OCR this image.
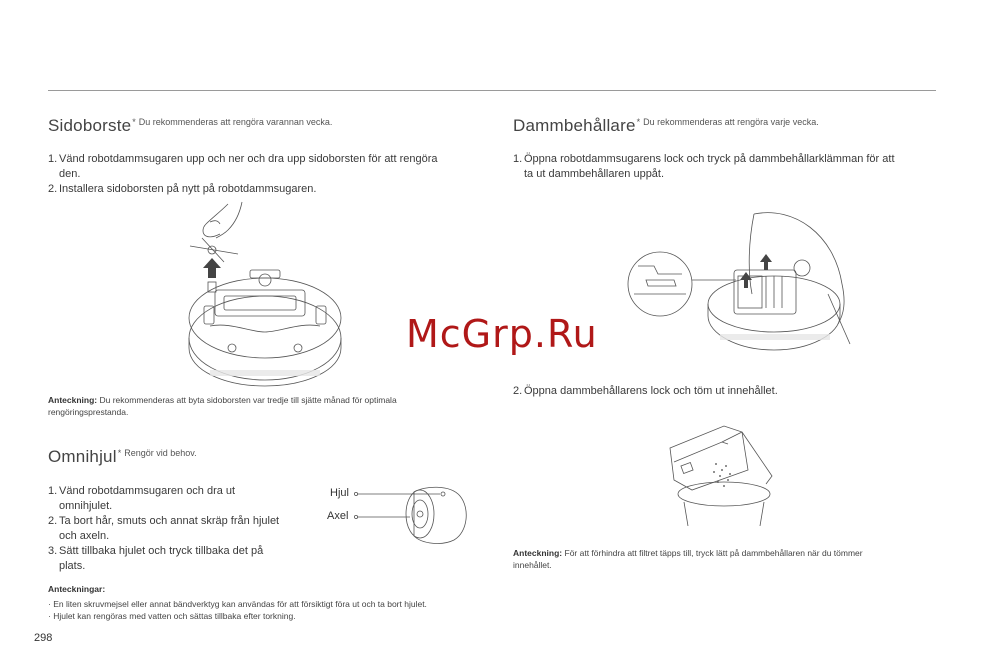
Sidoborste* $^{Du rekommenderas att rengöra varannan vecka.}$
1. Vänd robotdammsugaren upp och ner och dra upp sidoborsten för att rengöra
den.
2. Installera sidoborsten på nytt på robotdammsugaren.
Anteckning: Du rekommenderas att byta sidoborsten var tredje till sjätte månad för optimala
rengöringsprestanda.
Omnihjul* $^{Rengör vid behov.}$
1. Vänd robotdammsugaren och dra ut
omnihjulet.
2. Ta bort hår, smuts och annat skräp från hjulet
och axeln.
3. Sätt tillbaka hjulet och tryck tillbaka det på
plats.
Hjul
Axel
Anteckningar:
· En liten skruvmejsel eller annat bändverktyg kan användas för att försiktigt föra ut och ta bort hjulet.
· Hjulet kan rengöras med vatten och sättas tillbaka efter torkning.
298
Dammbehållare* $^{Du rekommenderas att rengöra varje vecka.}$
1. Öppna robotdammsugarens lock och tryck på dammbehållarklämman för att
ta ut dammbehållaren uppåt.
2. Öppna dammbehållarens lock och töm ut innehållet.
Anteckning: För att förhindra att filtret täpps till, tryck lätt på dammbehållaren när du tömmer
innehållet.
McGrp.Ru
